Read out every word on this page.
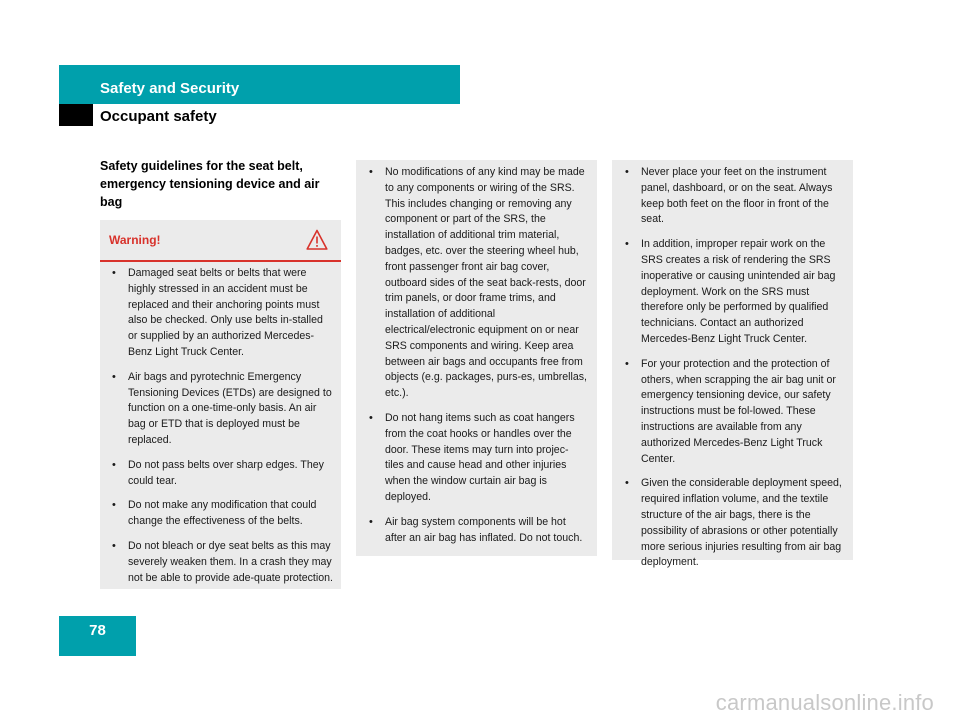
Safety and Security
Occupant safety
Safety guidelines for the seat belt, emergency tensioning device and air bag
Warning!
• Damaged seat belts or belts that were highly stressed in an accident must be replaced and their anchoring points must also be checked. Only use belts in-stalled or supplied by an authorized Mercedes-Benz Light Truck Center.
• Air bags and pyrotechnic Emergency Tensioning Devices (ETDs) are designed to function on a one-time-only basis. An air bag or ETD that is deployed must be replaced.
• Do not pass belts over sharp edges. They could tear.
• Do not make any modification that could change the effectiveness of the belts.
• Do not bleach or dye seat belts as this may severely weaken them. In a crash they may not be able to provide ade-quate protection.
• No modifications of any kind may be made to any components or wiring of the SRS. This includes changing or removing any component or part of the SRS, the installation of additional trim material, badges, etc. over the steering wheel hub, front passenger front air bag cover, outboard sides of the seat back-rests, door trim panels, or door frame trims, and installation of additional electrical/electronic equipment on or near SRS components and wiring. Keep area between air bags and occupants free from objects (e.g. packages, purs-es, umbrellas, etc.).
• Do not hang items such as coat hangers from the coat hooks or handles over the door. These items may turn into projec-tiles and cause head and other injuries when the window curtain air bag is deployed.
• Air bag system components will be hot after an air bag has inflated. Do not touch.
• Never place your feet on the instrument panel, dashboard, or on the seat. Always keep both feet on the floor in front of the seat.
• In addition, improper repair work on the SRS creates a risk of rendering the SRS inoperative or causing unintended air bag deployment. Work on the SRS must therefore only be performed by qualified technicians. Contact an authorized Mercedes-Benz Light Truck Center.
• For your protection and the protection of others, when scrapping the air bag unit or emergency tensioning device, our safety instructions must be fol-lowed. These instructions are available from any authorized Mercedes-Benz Light Truck Center.
• Given the considerable deployment speed, required inflation volume, and the textile structure of the air bags, there is the possibility of abrasions or other potentially more serious injuries resulting from air bag deployment.
78
carmanualsonline.info
